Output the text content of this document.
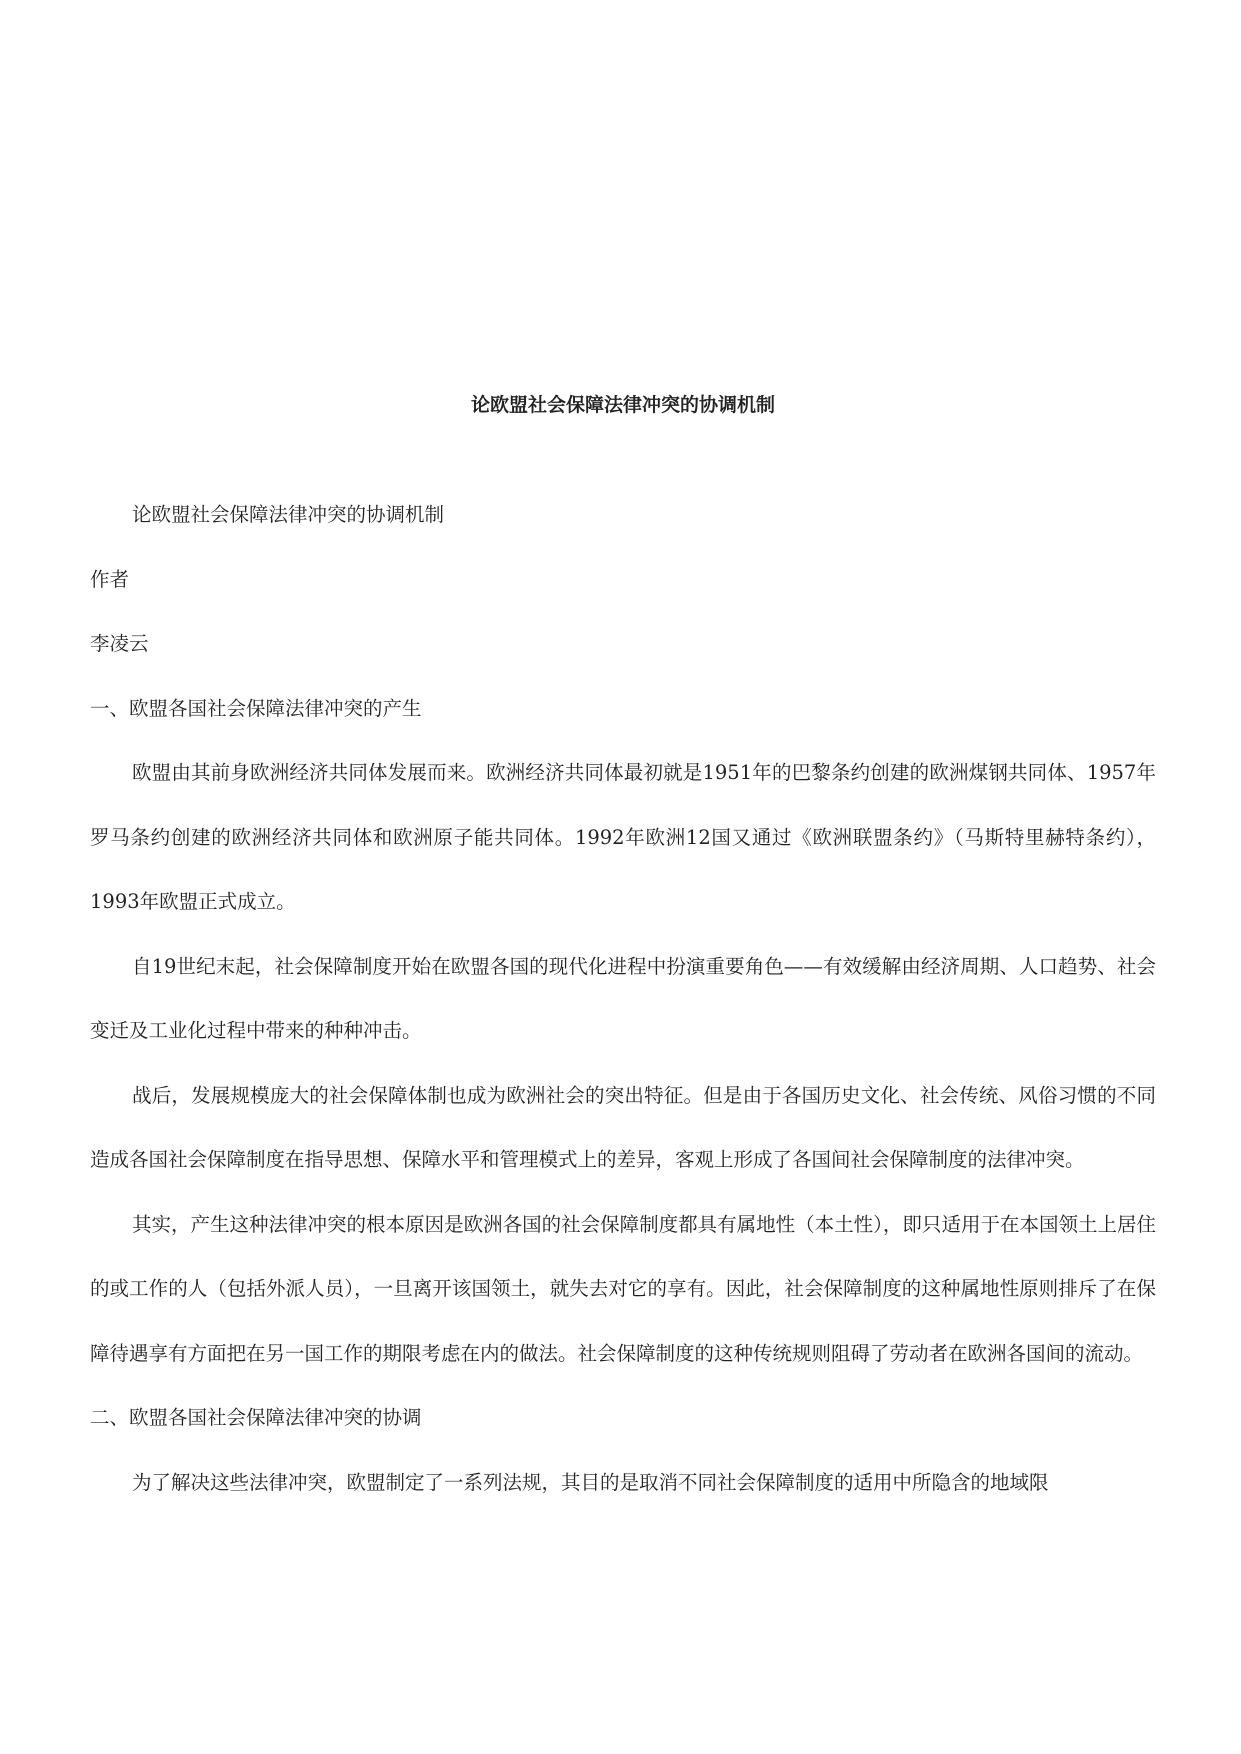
论欧盟社会保障法律冲突的协调机制

论欧盟社会保障法律冲突的协调机制

作者

李凌云

一、欧盟各国社会保障法律冲突的产生

欧盟由其前身欧洲经济共同体发展而来。欧洲经济共同体最初就是1951年的巴黎条约创建的欧洲煤钢共同体、1957年罗马条约创建的欧洲经济共同体和欧洲原子能共同体。1992年欧洲12国又通过《欧洲联盟条约》（马斯特里赫特条约），1993年欧盟正式成立。

自19世纪末起，社会保障制度开始在欧盟各国的现代化进程中扮演重要角色——有效缓解由经济周期、人口趋势、社会变迁及工业化过程中带来的种种冲击。

战后，发展规模庞大的社会保障体制也成为欧洲社会的突出特征。但是由于各国历史文化、社会传统、风俗习惯的不同造成各国社会保障制度在指导思想、保障水平和管理模式上的差异，客观上形成了各国间社会保障制度的法律冲突。

其实，产生这种法律冲突的根本原因是欧洲各国的社会保障制度都具有属地性（本土性），即只适用于在本国领土上居住的或工作的人（包括外派人员），一旦离开该国领土，就失去对它的享有。因此，社会保障制度的这种属地性原则排斥了在保障待遇享有方面把在另一国工作的期限考虑在内的做法。社会保障制度的这种传统规则阻碍了劳动者在欧洲各国间的流动。

二、欧盟各国社会保障法律冲突的协调

为了解决这些法律冲突，欧盟制定了一系列法规，其目的是取消不同社会保障制度的适用中所隐含的地域限
